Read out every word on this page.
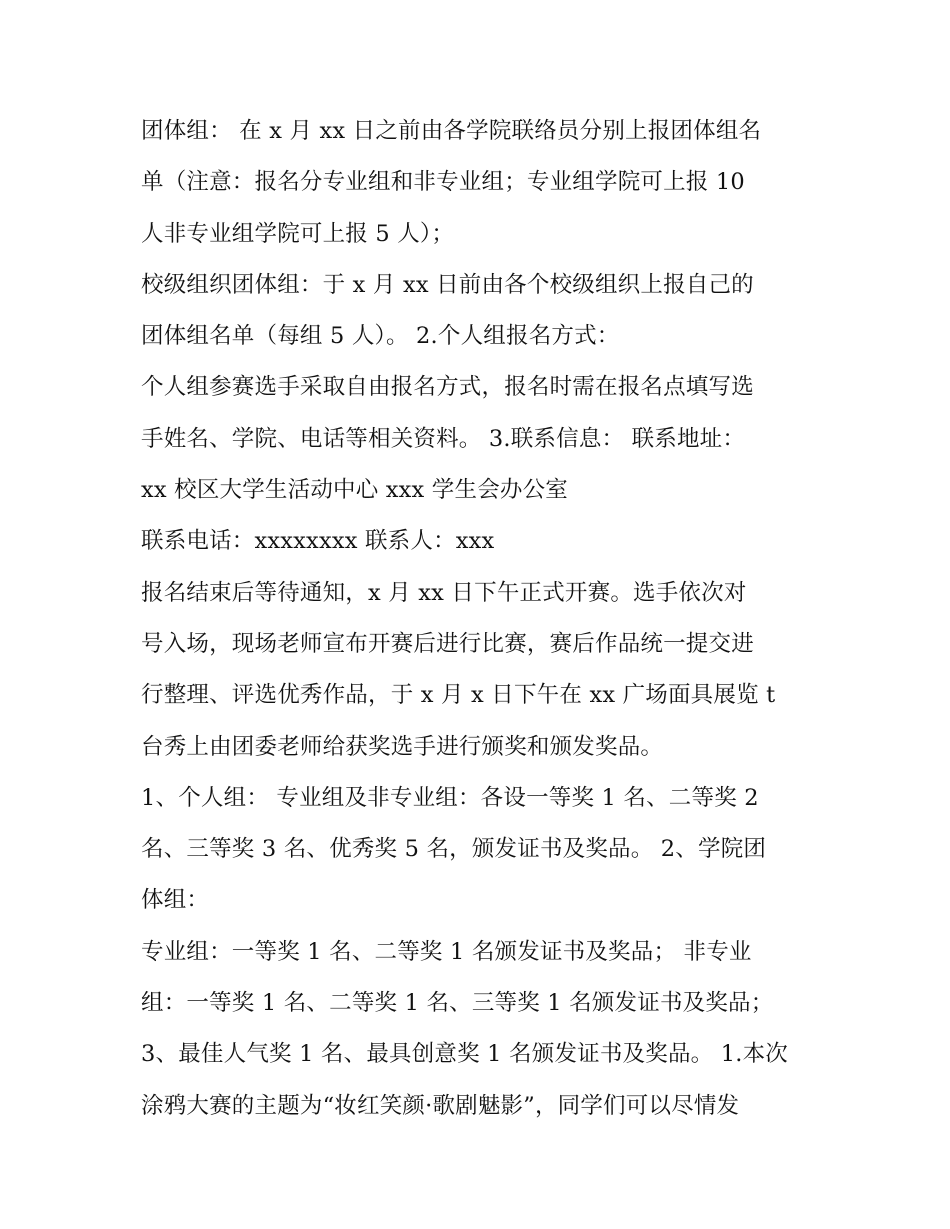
团体组： 在 x 月 xx 日之前由各学院联络员分别上报团体组名
单（注意：报名分专业组和非专业组；专业组学院可上报 10
人非专业组学院可上报 5 人）；
校级组织团体组：于 x 月 xx 日前由各个校级组织上报自己的
团体组名单（每组 5 人）。 2.个人组报名方式：
个人组参赛选手采取自由报名方式，报名时需在报名点填写选
手姓名、学院、电话等相关资料。 3.联系信息： 联系地址：
xx 校区大学生活动中心 xxx 学生会办公室
联系电话：xxxxxxxx 联系人：xxx
报名结束后等待通知，x 月 xx 日下午正式开赛。选手依次对
号入场，现场老师宣布开赛后进行比赛，赛后作品统一提交进
行整理、评选优秀作品，于 x 月 x 日下午在 xx 广场面具展览 t
台秀上由团委老师给获奖选手进行颁奖和颁发奖品。
1、个人组： 专业组及非专业组：各设一等奖 1 名、二等奖 2
名、三等奖 3 名、优秀奖 5 名，颁发证书及奖品。 2、学院团
体组：
专业组：一等奖 1 名、二等奖 1 名颁发证书及奖品； 非专业
组：一等奖 1 名、二等奖 1 名、三等奖 1 名颁发证书及奖品；
3、最佳人气奖 1 名、最具创意奖 1 名颁发证书及奖品。 1.本次
涂鸦大赛的主题为“妆红笑颜·歌剧魅影”，同学们可以尽情发
